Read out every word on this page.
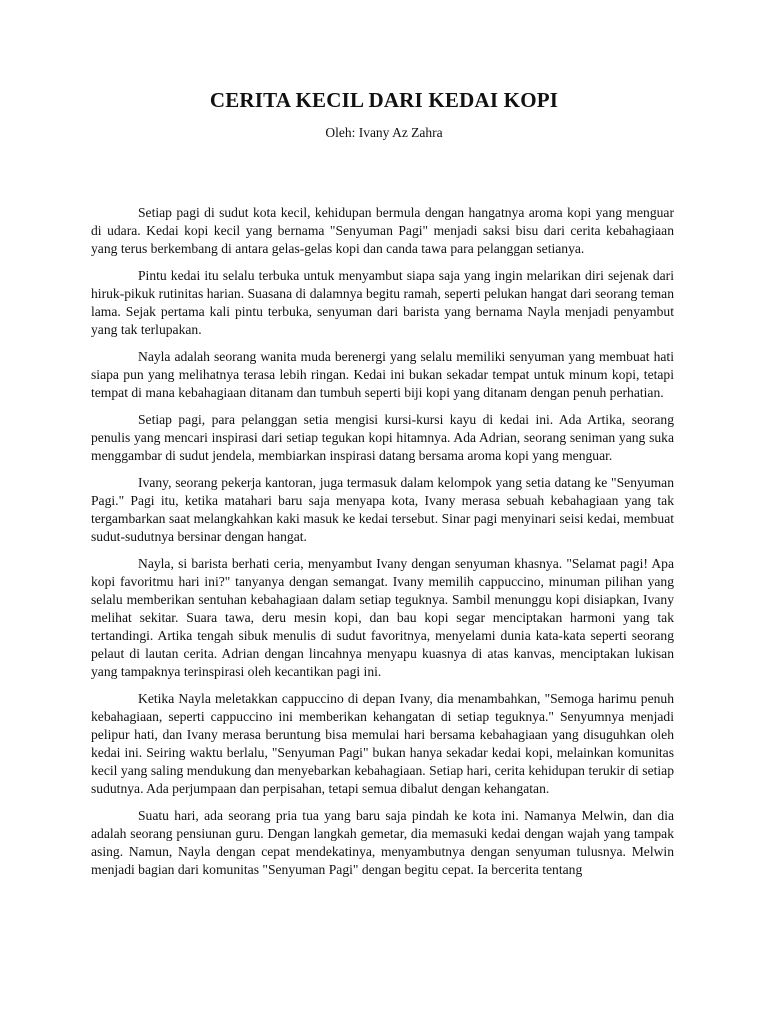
CERITA KECIL DARI KEDAI KOPI
Oleh: Ivany Az Zahra

Setiap pagi di sudut kota kecil, kehidupan bermula dengan hangatnya aroma kopi yang menguar di udara. Kedai kopi kecil yang bernama "Senyuman Pagi" menjadi saksi bisu dari cerita kebahagiaan yang terus berkembang di antara gelas-gelas kopi dan canda tawa para pelanggan setianya.

Pintu kedai itu selalu terbuka untuk menyambut siapa saja yang ingin melarikan diri sejenak dari hiruk-pikuk rutinitas harian. Suasana di dalamnya begitu ramah, seperti pelukan hangat dari seorang teman lama. Sejak pertama kali pintu terbuka, senyuman dari barista yang bernama Nayla menjadi penyambut yang tak terlupakan.

Nayla adalah seorang wanita muda berenergi yang selalu memiliki senyuman yang membuat hati siapa pun yang melihatnya terasa lebih ringan. Kedai ini bukan sekadar tempat untuk minum kopi, tetapi tempat di mana kebahagiaan ditanam dan tumbuh seperti biji kopi yang ditanam dengan penuh perhatian.

Setiap pagi, para pelanggan setia mengisi kursi-kursi kayu di kedai ini. Ada Artika, seorang penulis yang mencari inspirasi dari setiap tegukan kopi hitamnya. Ada Adrian, seorang seniman yang suka menggambar di sudut jendela, membiarkan inspirasi datang bersama aroma kopi yang menguar.

Ivany, seorang pekerja kantoran, juga termasuk dalam kelompok yang setia datang ke "Senyuman Pagi." Pagi itu, ketika matahari baru saja menyapa kota, Ivany merasa sebuah kebahagiaan yang tak tergambarkan saat melangkahkan kaki masuk ke kedai tersebut. Sinar pagi menyinari seisi kedai, membuat sudut-sudutnya bersinar dengan hangat.

Nayla, si barista berhati ceria, menyambut Ivany dengan senyuman khasnya. "Selamat pagi! Apa kopi favoritmu hari ini?" tanyanya dengan semangat. Ivany memilih cappuccino, minuman pilihan yang selalu memberikan sentuhan kebahagiaan dalam setiap teguknya. Sambil menunggu kopi disiapkan, Ivany melihat sekitar. Suara tawa, deru mesin kopi, dan bau kopi segar menciptakan harmoni yang tak tertandingi. Artika tengah sibuk menulis di sudut favoritnya, menyelami dunia kata-kata seperti seorang pelaut di lautan cerita. Adrian dengan lincahnya menyapu kuasnya di atas kanvas, menciptakan lukisan yang tampaknya terinspirasi oleh kecantikan pagi ini.

Ketika Nayla meletakkan cappuccino di depan Ivany, dia menambahkan, "Semoga harimu penuh kebahagiaan, seperti cappuccino ini memberikan kehangatan di setiap teguknya." Senyumnya menjadi pelipur hati, dan Ivany merasa beruntung bisa memulai hari bersama kebahagiaan yang disuguhkan oleh kedai ini. Seiring waktu berlalu, "Senyuman Pagi" bukan hanya sekadar kedai kopi, melainkan komunitas kecil yang saling mendukung dan menyebarkan kebahagiaan. Setiap hari, cerita kehidupan terukir di setiap sudutnya. Ada perjumpaan dan perpisahan, tetapi semua dibalut dengan kehangatan.

Suatu hari, ada seorang pria tua yang baru saja pindah ke kota ini. Namanya Melwin, dan dia adalah seorang pensiunan guru. Dengan langkah gemetar, dia memasuki kedai dengan wajah yang tampak asing. Namun, Nayla dengan cepat mendekatinya, menyambutnya dengan senyuman tulusnya. Melwin menjadi bagian dari komunitas "Senyuman Pagi" dengan begitu cepat. Ia bercerita tentang
